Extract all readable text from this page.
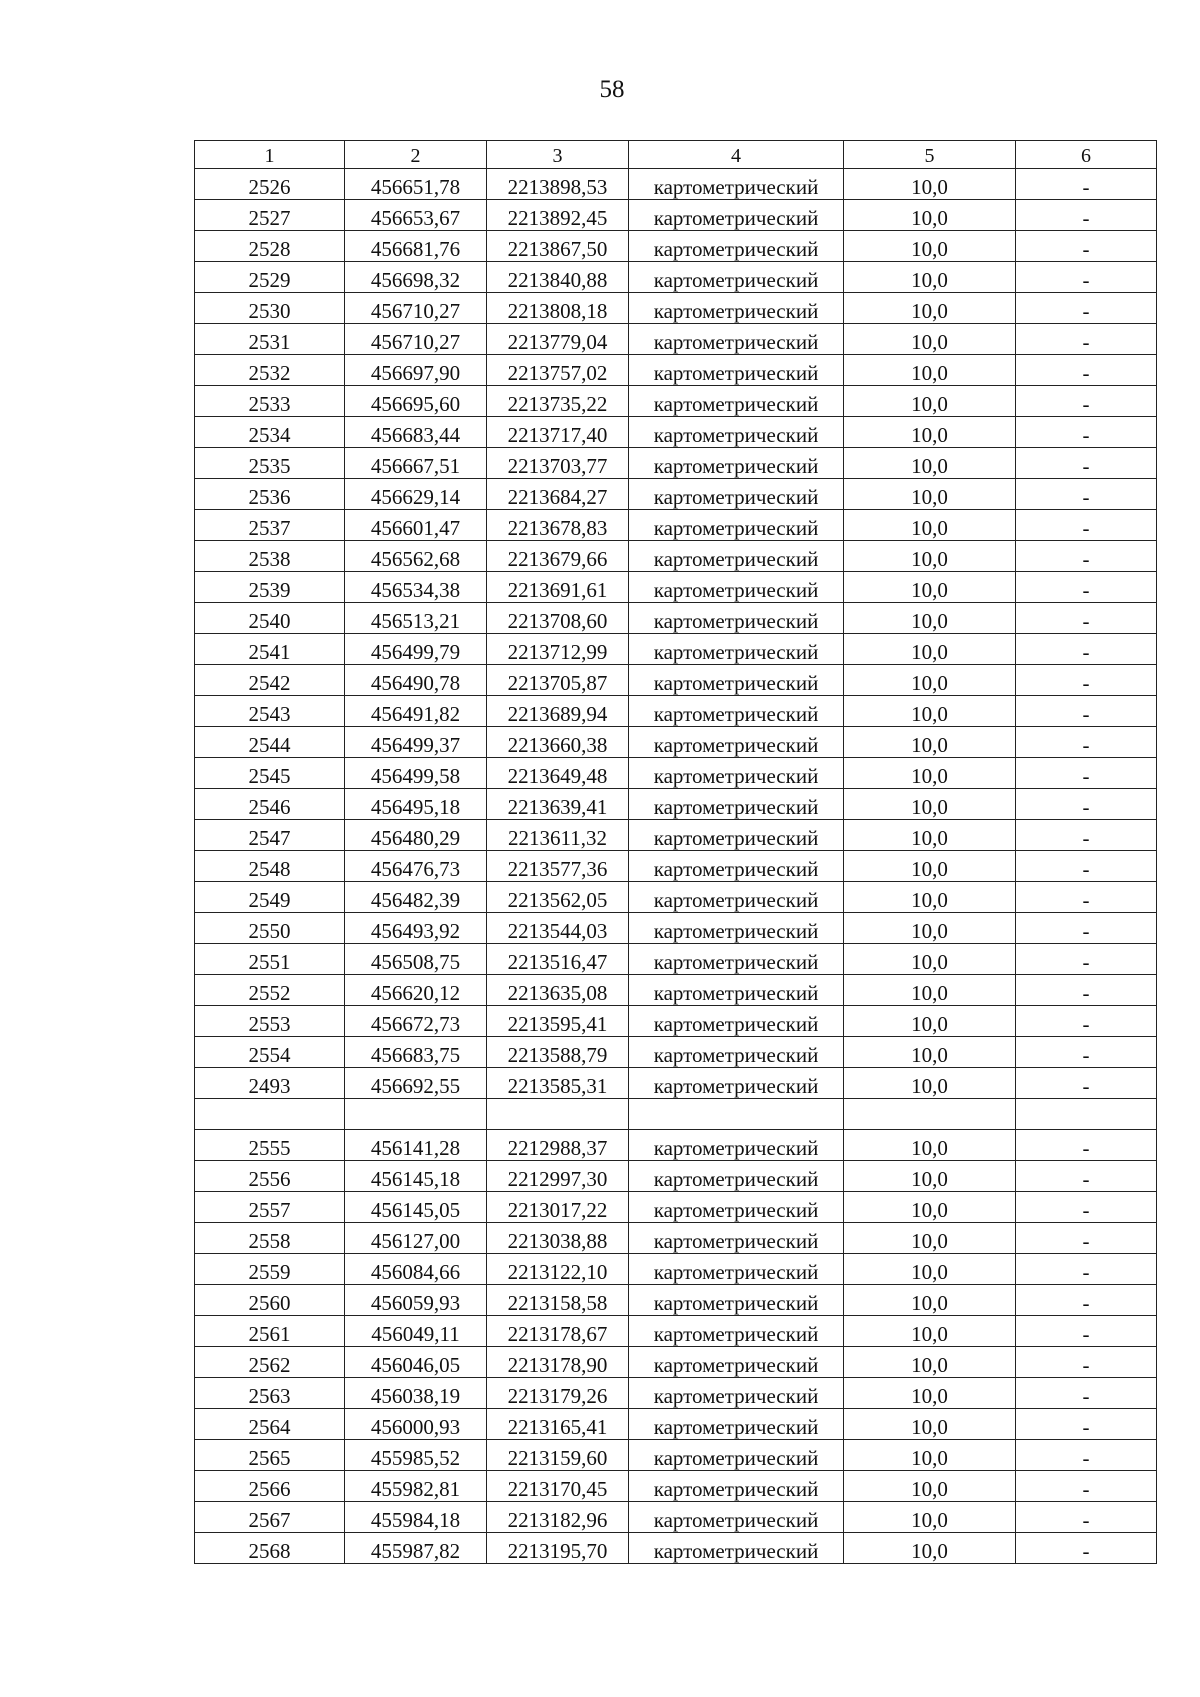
58
1	2	3	4	5	6
2526	456651,78	2213898,53	картометрический	10,0	-
2527	456653,67	2213892,45	картометрический	10,0	-
2528	456681,76	2213867,50	картометрический	10,0	-
2529	456698,32	2213840,88	картометрический	10,0	-
2530	456710,27	2213808,18	картометрический	10,0	-
2531	456710,27	2213779,04	картометрический	10,0	-
2532	456697,90	2213757,02	картометрический	10,0	-
2533	456695,60	2213735,22	картометрический	10,0	-
2534	456683,44	2213717,40	картометрический	10,0	-
2535	456667,51	2213703,77	картометрический	10,0	-
2536	456629,14	2213684,27	картометрический	10,0	-
2537	456601,47	2213678,83	картометрический	10,0	-
2538	456562,68	2213679,66	картометрический	10,0	-
2539	456534,38	2213691,61	картометрический	10,0	-
2540	456513,21	2213708,60	картометрический	10,0	-
2541	456499,79	2213712,99	картометрический	10,0	-
2542	456490,78	2213705,87	картометрический	10,0	-
2543	456491,82	2213689,94	картометрический	10,0	-
2544	456499,37	2213660,38	картометрический	10,0	-
2545	456499,58	2213649,48	картометрический	10,0	-
2546	456495,18	2213639,41	картометрический	10,0	-
2547	456480,29	2213611,32	картометрический	10,0	-
2548	456476,73	2213577,36	картометрический	10,0	-
2549	456482,39	2213562,05	картометрический	10,0	-
2550	456493,92	2213544,03	картометрический	10,0	-
2551	456508,75	2213516,47	картометрический	10,0	-
2552	456620,12	2213635,08	картометрический	10,0	-
2553	456672,73	2213595,41	картометрический	10,0	-
2554	456683,75	2213588,79	картометрический	10,0	-
2493	456692,55	2213585,31	картометрический	10,0	-

2555	456141,28	2212988,37	картометрический	10,0	-
2556	456145,18	2212997,30	картометрический	10,0	-
2557	456145,05	2213017,22	картометрический	10,0	-
2558	456127,00	2213038,88	картометрический	10,0	-
2559	456084,66	2213122,10	картометрический	10,0	-
2560	456059,93	2213158,58	картометрический	10,0	-
2561	456049,11	2213178,67	картометрический	10,0	-
2562	456046,05	2213178,90	картометрический	10,0	-
2563	456038,19	2213179,26	картометрический	10,0	-
2564	456000,93	2213165,41	картометрический	10,0	-
2565	455985,52	2213159,60	картометрический	10,0	-
2566	455982,81	2213170,45	картометрический	10,0	-
2567	455984,18	2213182,96	картометрический	10,0	-
2568	455987,82	2213195,70	картометрический	10,0	-
